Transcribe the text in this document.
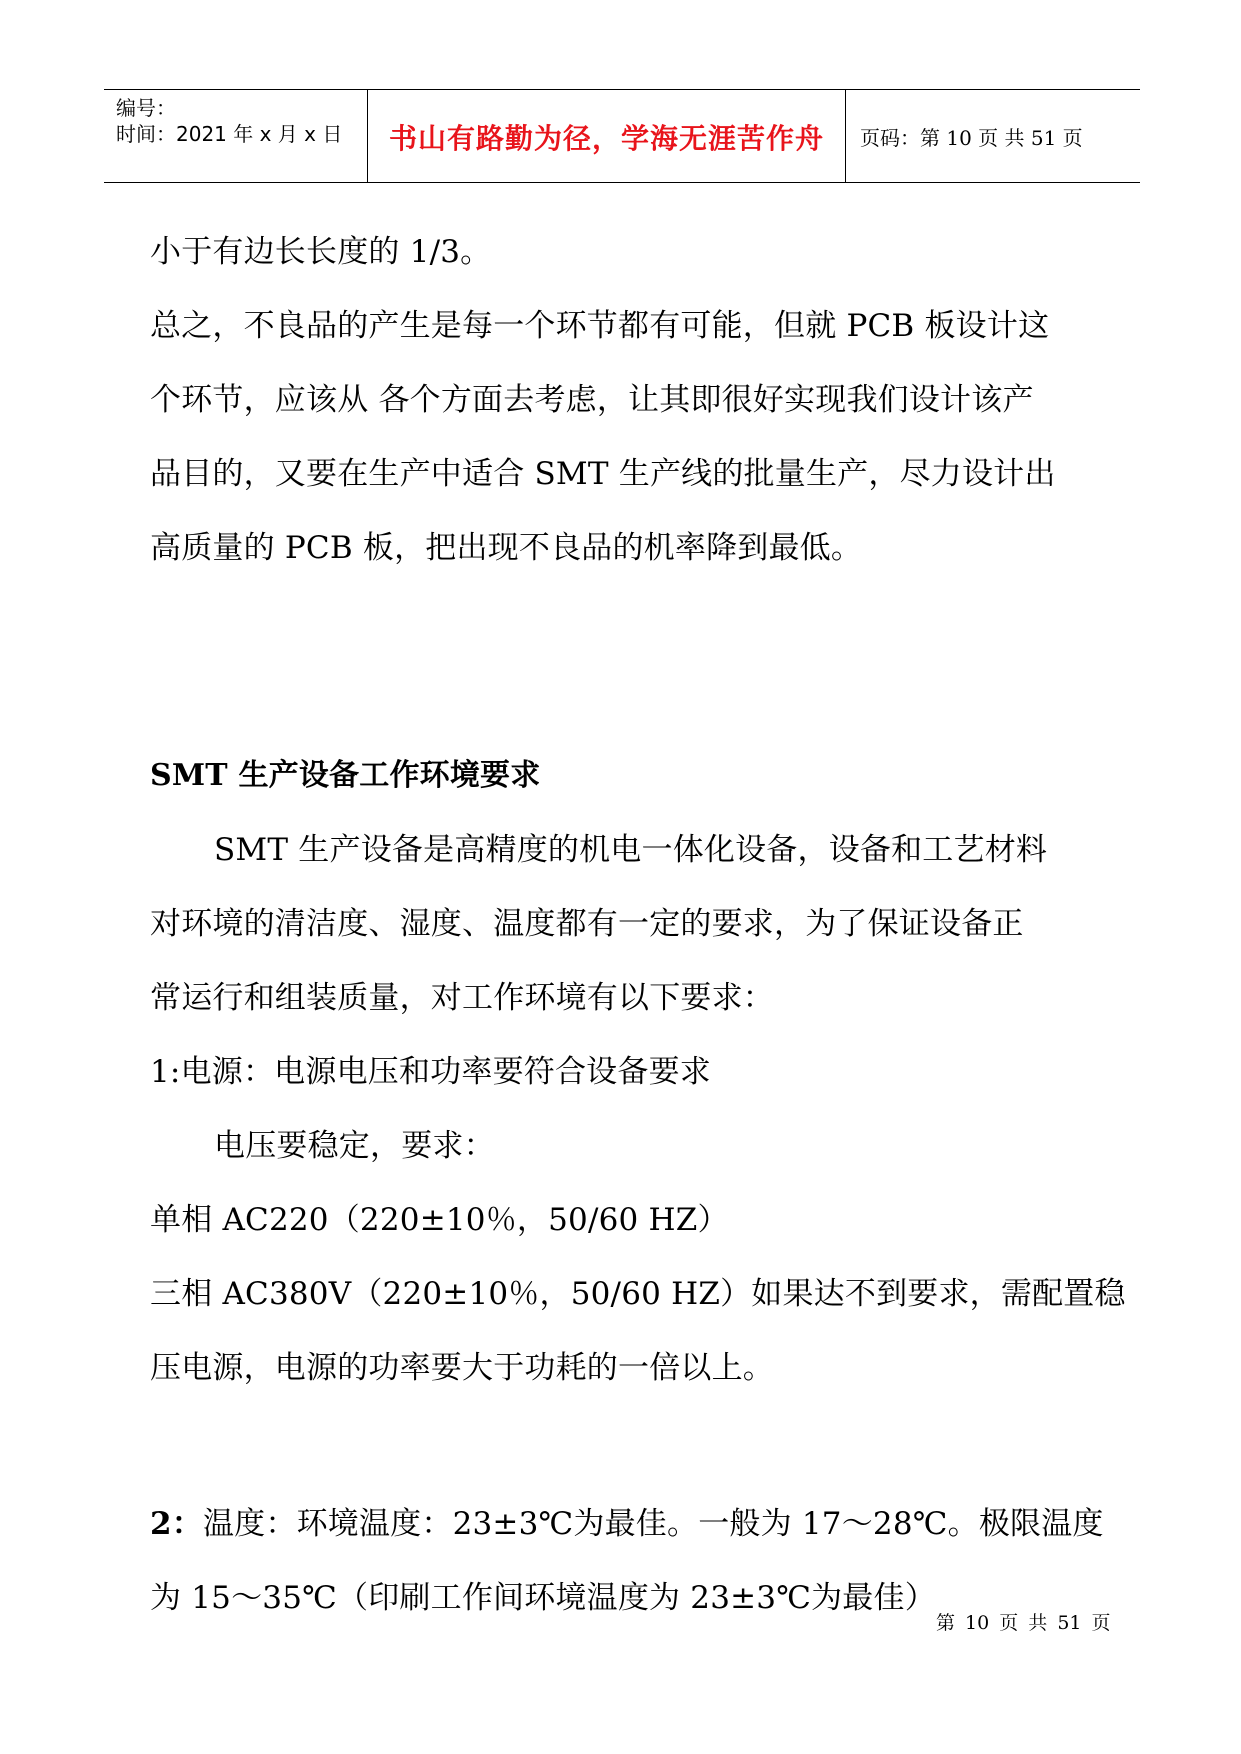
编号：
时间：2021 年 x 月 x 日 书山有路勤为径，学海无涯苦作舟	页码：第 10 页 共 51 页
小于有边长长度的 1/3。
总之，不良品的产生是每一个环节都有可能，但就 PCB 板设计这
个环节，应该从 各个方面去考虑，让其即很好实现我们设计该产
品目的，又要在生产中适合 SMT 生产线的批量生产，尽力设计出
高质量的 PCB 板，把出现不良品的机率降到最低。
SMT 生产设备工作环境要求
SMT 生产设备是高精度的机电一体化设备，设备和工艺材料
对环境的清洁度、湿度、温度都有一定的要求，为了保证设备正
常运行和组装质量，对工作环境有以下要求：
1:电源：电源电压和功率要符合设备要求
电压要稳定，要求：
单相 AC220（220±10％，50/60 HZ）
三相 AC380V（220±10％，50/60 HZ）如果达不到要求，需配置稳
压电源，电源的功率要大于功耗的一倍以上。
2：温度：环境温度：23±3℃为最佳。一般为 17～28℃。极限温度
为 15～35℃（印刷工作间环境温度为 23±3℃为最佳）
第 10 页 共 51 页
